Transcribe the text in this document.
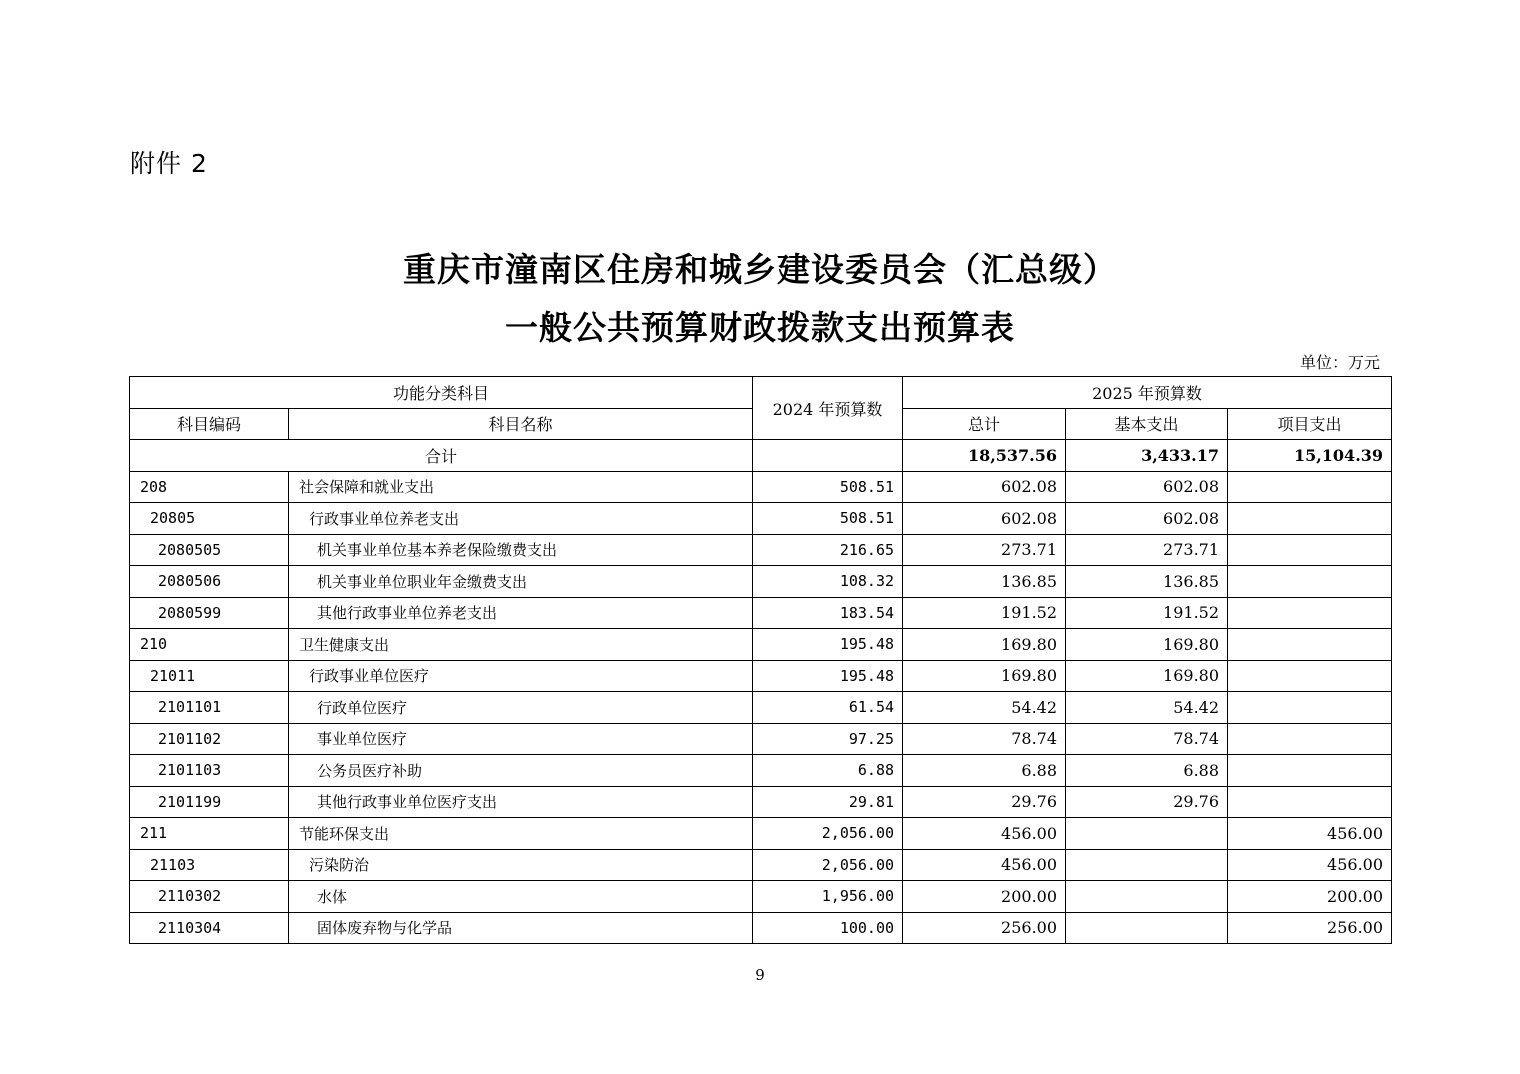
附件 2
重庆市潼南区住房和城乡建设委员会（汇总级）
一般公共预算财政拨款支出预算表
单位：万元
功能分类科目		2024 年预算数	2025 年预算数		
科目编码	科目名称		总计	基本支出	项目支出
合计			18,537.56	3,433.17	15,104.39
208	社会保障和就业支出	508.51	602.08	602.08	
20805	行政事业单位养老支出	508.51	602.08	602.08	
2080505	机关事业单位基本养老保险缴费支出	216.65	273.71	273.71	
2080506	机关事业单位职业年金缴费支出	108.32	136.85	136.85	
2080599	其他行政事业单位养老支出	183.54	191.52	191.52	
210	卫生健康支出	195.48	169.80	169.80	
21011	行政事业单位医疗	195.48	169.80	169.80	
2101101	行政单位医疗	61.54	54.42	54.42	
2101102	事业单位医疗	97.25	78.74	78.74	
2101103	公务员医疗补助	6.88	6.88	6.88	
2101199	其他行政事业单位医疗支出	29.81	29.76	29.76	
211	节能环保支出	2,056.00	456.00		456.00
21103	污染防治	2,056.00	456.00		456.00
2110302	水体	1,956.00	200.00		200.00
2110304	固体废弃物与化学品	100.00	256.00		256.00
9
